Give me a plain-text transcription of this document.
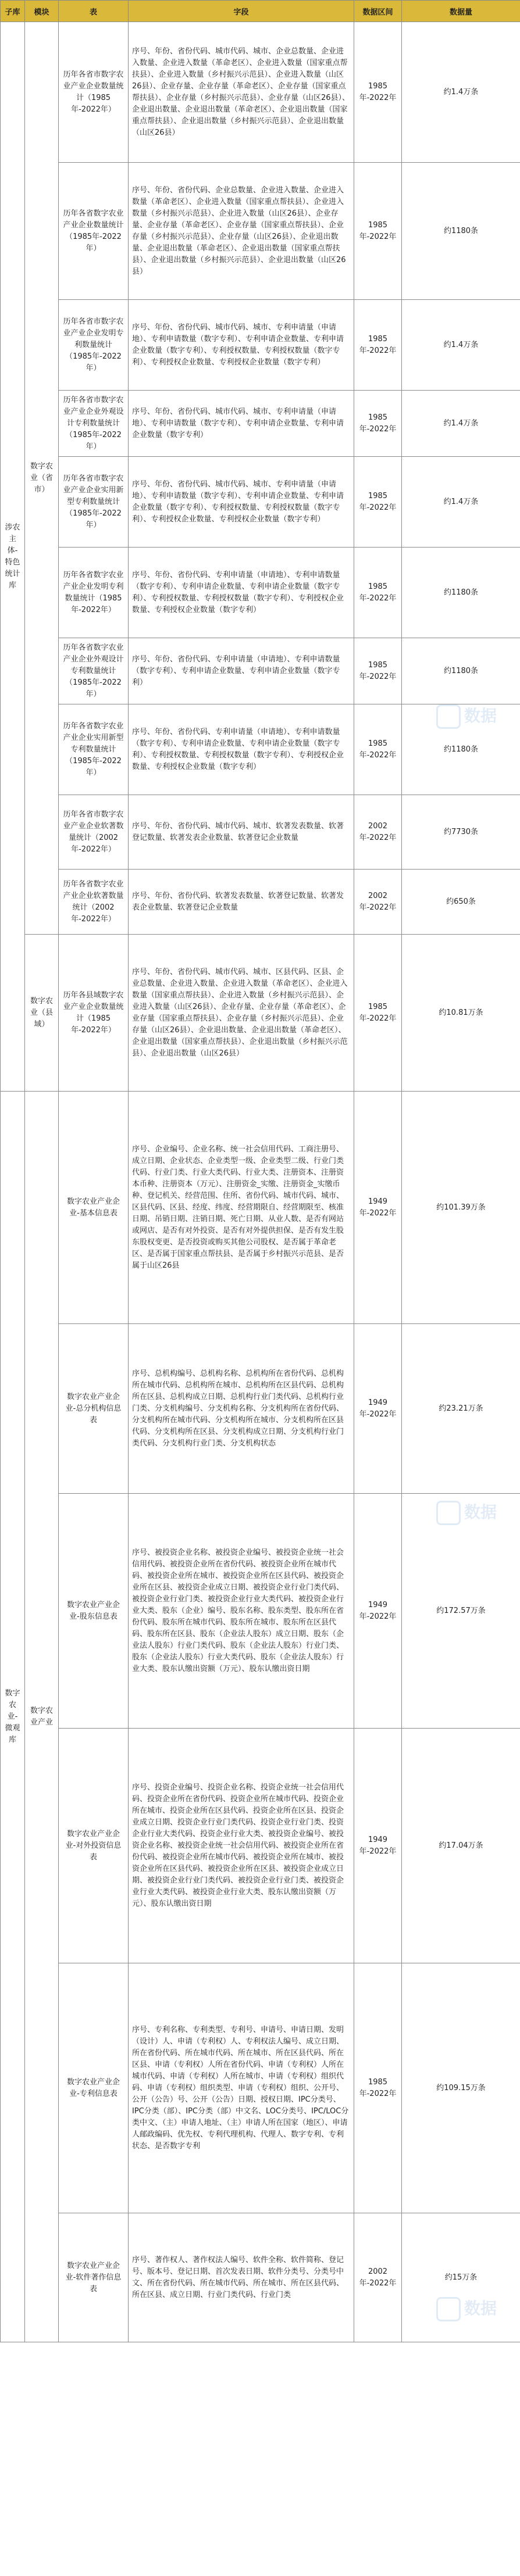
子库	模块	表	字段	数据区间	数据量
涉农主体-特色统计库	数字农业（省市）	历年各省市数字农业产业企业数量统计（1985年-2022年）	序号、年份、省份代码、城市代码、城市、企业总数量、企业进入数量、企业进入数量（革命老区）、企业进入数量（国家重点帮扶县）、企业进入数量（乡村振兴示范县）、企业进入数量（山区26县）、企业存量、企业存量（革命老区）、企业存量（国家重点帮扶县）、企业存量（乡村振兴示范县）、企业存量（山区26县）、企业退出数量、企业退出数量（革命老区）、企业退出数量（国家重点帮扶县）、企业退出数量（乡村振兴示范县）、企业退出数量（山区26县）	1985年-2022年	约1.4万条
		历年各省数字农业产业企业数量统计（1985年-2022年）	序号、年份、省份代码、企业总数量、企业进入数量、企业进入数量（革命老区）、企业进入数量（国家重点帮扶县）、企业进入数量（乡村振兴示范县）、企业进入数量（山区26县）、企业存量、企业存量（革命老区）、企业存量（国家重点帮扶县）、企业存量（乡村振兴示范县）、企业存量（山区26县）、企业退出数量、企业退出数量（革命老区）、企业退出数量（国家重点帮扶县）、企业退出数量（乡村振兴示范县）、企业退出数量（山区26县）	1985年-2022年	约1180条
		历年各省市数字农业产业企业发明专利数量统计（1985年-2022年）	序号、年份、省份代码、城市代码、城市、专利申请量（申请地）、专利申请数量（数字专利）、专利申请企业数量、专利申请企业数量（数字专利）、专利授权数量、专利授权数量（数字专利）、专利授权企业数量、专利授权企业数量（数字专利）	1985年-2022年	约1.4万条
		历年各省市数字农业产业企业外观设计专利数量统计（1985年-2022年）	序号、年份、省份代码、城市代码、城市、专利申请量（申请地）、专利申请数量（数字专利）、专利申请企业数量、专利申请企业数量（数字专利）	1985年-2022年	约1.4万条
		历年各省市数字农业产业企业实用新型专利数量统计（1985年-2022年）	序号、年份、省份代码、城市代码、城市、专利申请量（申请地）、专利申请数量（数字专利）、专利申请企业数量、专利申请企业数量（数字专利）、专利授权数量、专利授权数量（数字专利）、专利授权企业数量、专利授权企业数量（数字专利）	1985年-2022年	约1.4万条
		历年各省数字农业产业企业发明专利数量统计（1985年-2022年）	序号、年份、省份代码、专利申请量（申请地）、专利申请数量（数字专利）、专利申请企业数量、专利申请企业数量（数字专利）、专利授权数量、专利授权数量（数字专利）、专利授权企业数量、专利授权企业数量（数字专利）	1985年-2022年	约1180条
		历年各省数字农业产业企业外观设计专利数量统计（1985年-2022年）	序号、年份、省份代码、专利申请量（申请地）、专利申请数量（数字专利）、专利申请企业数量、专利申请企业数量（数字专利）	1985年-2022年	约1180条
		历年各省数字农业产业企业实用新型专利数量统计（1985年-2022年）	序号、年份、省份代码、专利申请量（申请地）、专利申请数量（数字专利）、专利申请企业数量、专利申请企业数量（数字专利）、专利授权数量、专利授权数量（数字专利）、专利授权企业数量、专利授权企业数量（数字专利）	1985年-2022年	约1180条
		历年各省市数字农业产业企业软著数量统计（2002年-2022年）	序号、年份、省份代码、城市代码、城市、软著发表数量、软著登记数量、软著发表企业数量、软著登记企业数量	2002年-2022年	约7730条
		历年各省数字农业产业企业软著数量统计（2002年-2022年）	序号、年份、省份代码、软著发表数量、软著登记数量、软著发表企业数量、软著登记企业数量	2002年-2022年	约650条
	数字农业（县域）	历年各县域数字农业产业企业数量统计（1985年-2022年）	序号、年份、省份代码、城市代码、城市、区县代码、区县、企业总数量、企业进入数量、企业进入数量（革命老区）、企业进入数量（国家重点帮扶县）、企业进入数量（乡村振兴示范县）、企业进入数量（山区26县）、企业存量、企业存量（革命老区）、企业存量（国家重点帮扶县）、企业存量（乡村振兴示范县）、企业存量（山区26县）、企业退出数量、企业退出数量（革命老区）、企业退出数量（国家重点帮扶县）、企业退出数量（乡村振兴示范县）、企业退出数量（山区26县）	1985年-2022年	约10.81万条
数字农业-微观库	数字农业产业	数字农业产业企业-基本信息表	序号、企业编号、企业名称、统一社会信用代码、工商注册号、成立日期、企业状态、企业类型一级、企业类型二级、行业门类代码、行业门类、行业大类代码、行业大类、注册资本、注册资本币种、注册资本（万元）、注册资金_实缴、注册资金_实缴币种、登记机关、经营范围、住所、省份代码、城市代码、城市、区县代码、区县、经度、纬度、经营期限自、经营期限至、核准日期、吊销日期、注销日期、死亡日期、从业人数、是否有网站或网店、是否有对外投资、是否有对外提供担保、是否有发生股东股权变更、是否投资或购买其他公司股权、是否属于革命老区、是否属于国家重点帮扶县、是否属于乡村振兴示范县、是否属于山区26县	1949年-2022年	约101.39万条
		数字农业产业企业-总分机构信息表	序号、总机构编号、总机构名称、总机构所在省份代码、总机构所在城市代码、总机构所在城市、总机构所在区县代码、总机构所在区县、总机构成立日期、总机构行业门类代码、总机构行业门类、分支机构编号、分支机构名称、分支机构所在省份代码、分支机构所在城市代码、分支机构所在城市、分支机构所在区县代码、分支机构所在区县、分支机构成立日期、分支机构行业门类代码、分支机构行业门类、分支机构状态	1949年-2022年	约23.21万条
		数字农业产业企业-股东信息表	序号、被投资企业名称、被投资企业编号、被投资企业统一社会信用代码、被投资企业所在省份代码、被投资企业所在城市代码、被投资企业所在城市、被投资企业所在区县代码、被投资企业所在区县、被投资企业成立日期、被投资企业行业门类代码、被投资企业行业门类、被投资企业行业大类代码、被投资企业行业大类、股东（企业）编号、股东名称、股东类型、股东所在省份代码、股东所在城市代码、股东所在城市、股东所在区县代码、股东所在区县、股东（企业法人股东）成立日期、股东（企业法人股东）行业门类代码、股东（企业法人股东）行业门类、股东（企业法人股东）行业大类代码、股东（企业法人股东）行业大类、股东认缴出资额（万元）、股东认缴出资日期	1949年-2022年	约172.57万条
		数字农业产业企业-对外投资信息表	序号、投资企业编号、投资企业名称、投资企业统一社会信用代码、投资企业所在省份代码、投资企业所在城市代码、投资企业所在城市、投资企业所在区县代码、投资企业所在区县、投资企业成立日期、投资企业行业门类代码、投资企业行业门类、投资企业行业大类代码、投资企业行业大类、被投资企业编号、被投资企业名称、被投资企业统一社会信用代码、被投资企业所在省份代码、被投资企业所在城市代码、被投资企业所在城市、被投资企业所在区县代码、被投资企业所在区县、被投资企业成立日期、被投资企业行业门类代码、被投资企业行业门类、被投资企业行业大类代码、被投资企业行业大类、股东认缴出资额（万元）、股东认缴出资日期	1949年-2022年	约17.04万条
		数字农业产业企业-专利信息表	序号、专利名称、专利类型、专利号、申请号、申请日期、发明（设计）人、申请（专利权）人、专利权法人编号、成立日期、所在省份代码、所在城市代码、所在城市、所在区县代码、所在区县、申请（专利权）人所在省份代码、申请（专利权）人所在城市代码、申请（专利权）人所在城市、申请（专利权）组织代码、申请（专利权）组织类型、申请（专利权）组织、公开号、公开（公告）号、公开（公告）日期、授权日期、IPC分类号、IPC分类（部）、IPC分类（部）中文名、LOC分类号、IPC/LOC分类中文、（主）申请人地址、（主）申请人所在国家（地区）、申请人邮政编码、优先权、专利代理机构、代理人、数字专利、专利状态、是否数字专利	1985年-2022年	约109.15万条
		数字农业产业企业-软件著作信息表	序号、著作权人、著作权法人编号、软件全称、软件简称、登记号、版本号、登记日期、首次发表日期、软件分类号、分类号中文、所在省份代码、所在城市代码、所在城市、所在区县代码、所在区县、成立日期、行业门类代码、行业门类	2002年-2022年	约15万条
数据
数据
数据
